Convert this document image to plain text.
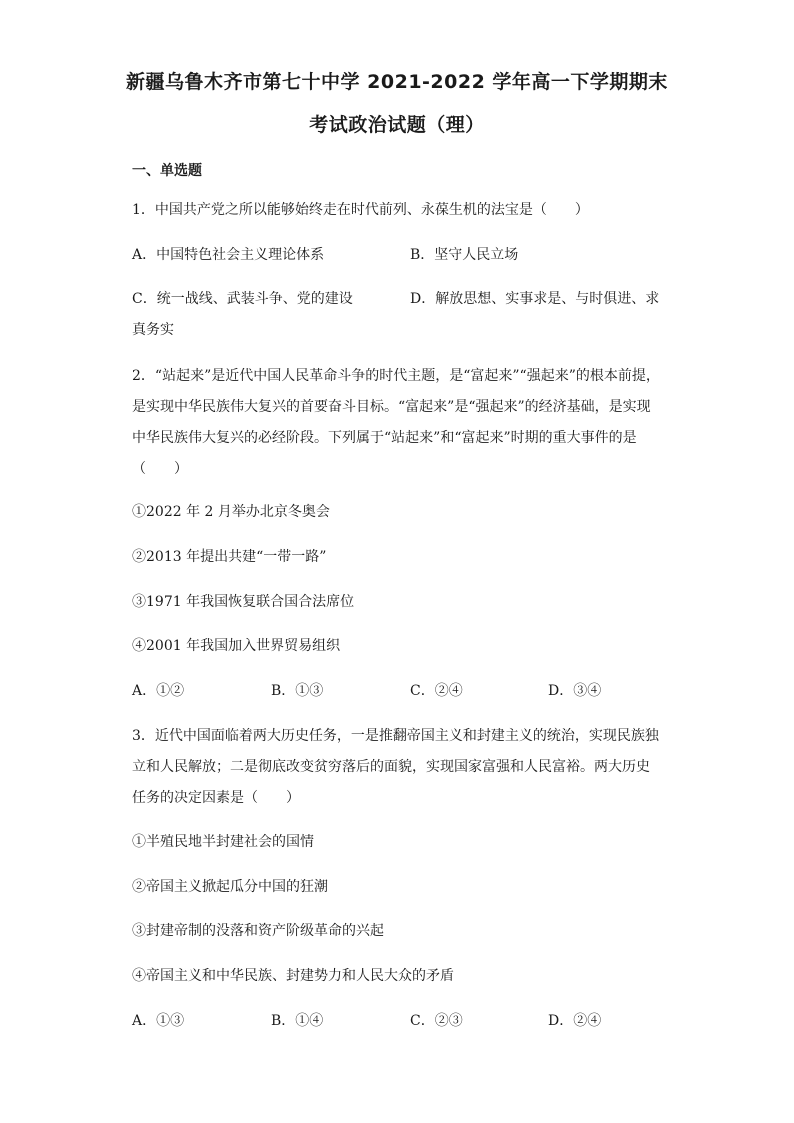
新疆乌鲁木齐市第七十中学 2021-2022 学年高一下学期期末
考试政治试题（理）
一、单选题
1．中国共产党之所以能够始终走在时代前列、永葆生机的法宝是（　　）
A．中国特色社会主义理论体系	B．坚守人民立场
C．统一战线、武装斗争、党的建设	D．解放思想、实事求是、与时俱进、求
真务实
2．“站起来”是近代中国人民革命斗争的时代主题，是“富起来”“强起来”的根本前提，
是实现中华民族伟大复兴的首要奋斗目标。“富起来”是“强起来”的经济基础，是实现
中华民族伟大复兴的必经阶段。下列属于“站起来”和“富起来”时期的重大事件的是
（　　）
①2022 年 2 月举办北京冬奥会
②2013 年提出共建“一带一路”
③1971 年我国恢复联合国合法席位
④2001 年我国加入世界贸易组织
A．①②	B．①③	C．②④	D．③④
3．近代中国面临着两大历史任务，一是推翻帝国主义和封建主义的统治，实现民族独
立和人民解放；二是彻底改变贫穷落后的面貌，实现国家富强和人民富裕。两大历史
任务的决定因素是（　　）
①半殖民地半封建社会的国情
②帝国主义掀起瓜分中国的狂潮
③封建帝制的没落和资产阶级革命的兴起
④帝国主义和中华民族、封建势力和人民大众的矛盾
A．①③	B．①④	C．②③	D．②④
